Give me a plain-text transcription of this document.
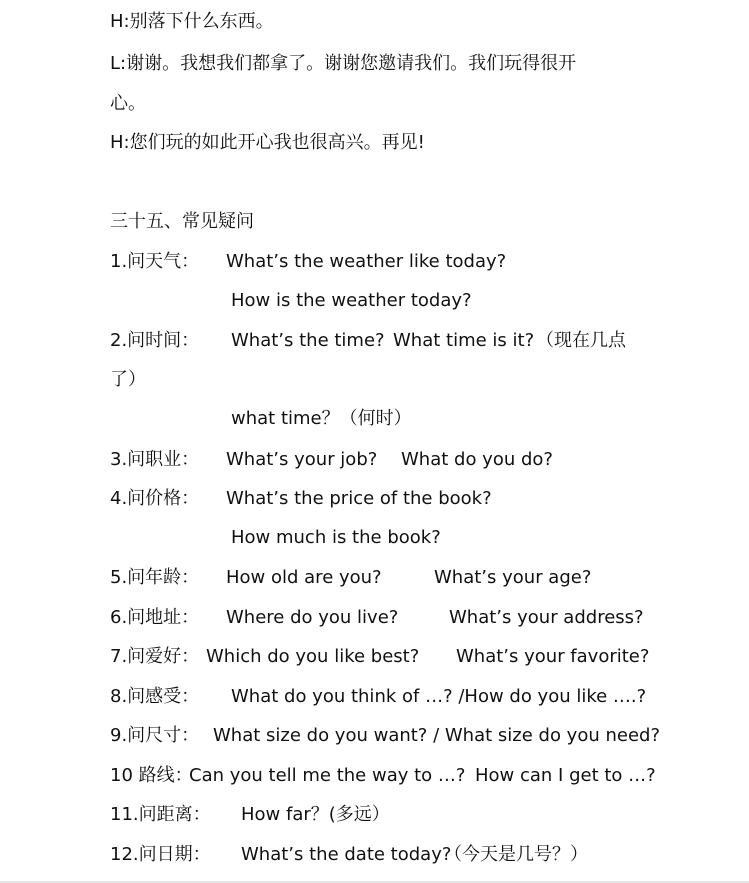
H:别落下什么东西。
L:谢谢。我想我们都拿了。谢谢您邀请我们。我们玩得很开
心。
H:您们玩的如此开心我也很高兴。再见!
三十五、常见疑问
1.问天气： What’s the weather like today?
How is the weather today?
2.问时间： What’s the time? What time is it? （现在几点
了）
what time？（何时）
3.问职业： What’s your job? What do you do?
4.问价格： What’s the price of the book?
How much is the book?
5.问年龄： How old are you?	What’s your age?
6.问地址： Where do you live?	What’s your address?
7.问爱好： Which do you like best? What’s your favorite?
8.问感受： What do you think of …? /How do you like ….?
9.问尺寸： What size do you want? / What size do you need?
10 路线：
Can you tell me the way to …? How can I get to …?
11.问距离： How far？(多远）
12.问日期： What’s the date today?
（今天是几号？）
